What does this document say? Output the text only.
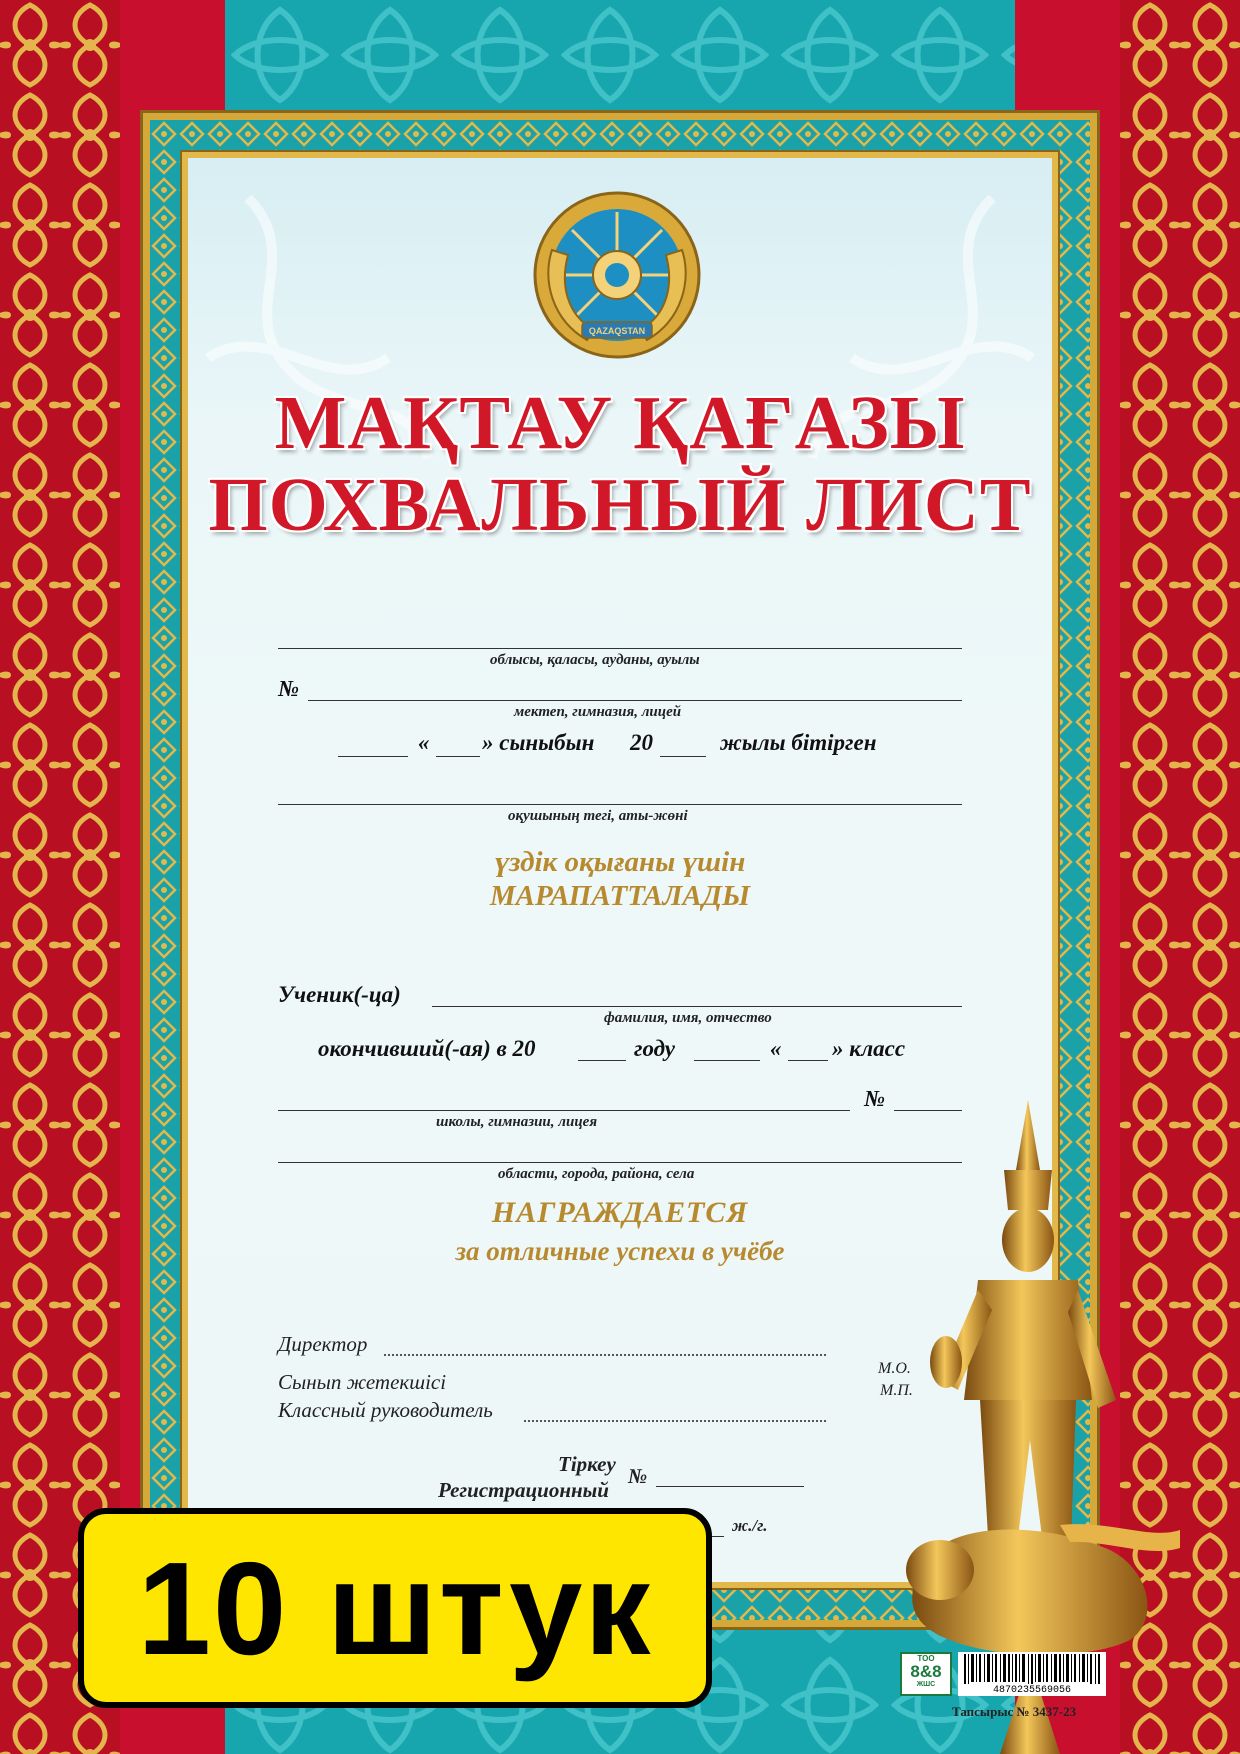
QAZAQSTAN
МАҚТАУ ҚАҒАЗЫ
ПОХВАЛЬНЫЙ ЛИСТ
облысы, қаласы, ауданы, ауылы
№
мектеп, гимназия, лицей
« » сыныбын 20	жылы бітірген
оқушының тегі, аты-жөні
үздік оқығаны үшін
МАРАПАТТАЛАДЫ
Ученик(-ца)
фамилия, имя, отчество
окончивший(-ая) в 20	году	« » класс
№
школы, гимназии, лицея
области, города, района, села
НАГРАЖДАЕТСЯ
за отличные успехи в учёбе
Директор
Сынып жетекшісі
Классный руководитель
М.О.
М.П.
Тіркеу
Регистрационный
№
ж./г.
10 штук	ТОО
8&8
ЖШС
4870235569056
Тапсырыс № 3437-23
